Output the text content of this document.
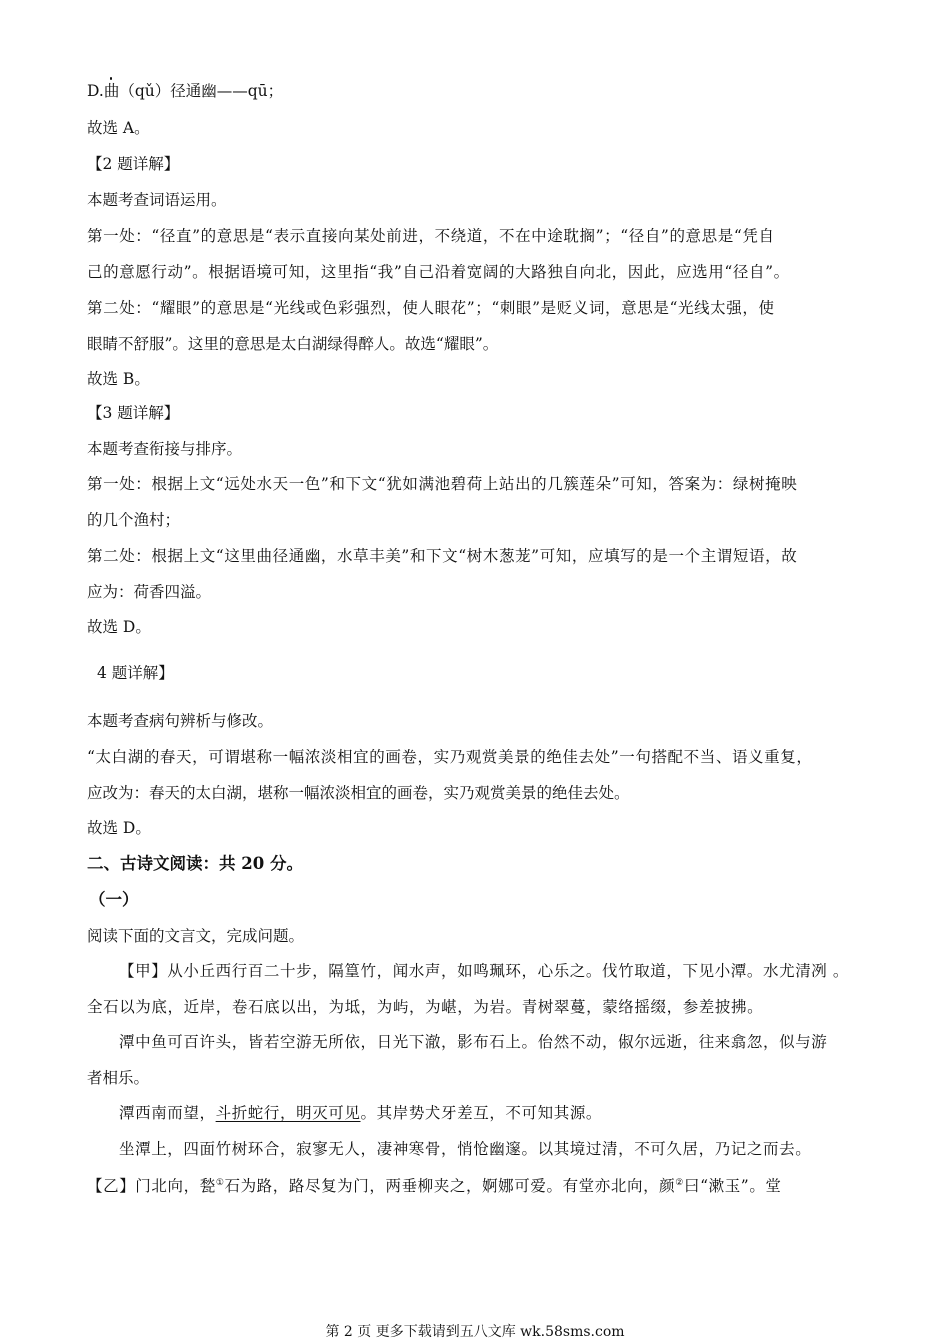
D.曲（qǔ）径通幽——qū；
故选 A。
【2 题详解】
本题考查词语运用。
第一处：“径直”的意思是“表示直接向某处前进，不绕道，不在中途耽搁”；“径自”的意思是“凭自
己的意愿行动”。根据语境可知，这里指“我”自己沿着宽阔的大路独自向北，因此，应选用“径自”。
第二处：“耀眼”的意思是“光线或色彩强烈，使人眼花”；“刺眼”是贬义词，意思是“光线太强，使
眼睛不舒服”。这里的意思是太白湖绿得醉人。故选“耀眼”。
故选 B。
【3 题详解】
本题考查衔接与排序。
第一处：根据上文“远处水天一色”和下文“犹如满池碧荷上站出的几簇莲朵”可知，答案为：绿树掩映
的几个渔村；
第二处：根据上文“这里曲径通幽，水草丰美”和下文“树木葱茏”可知，应填写的是一个主谓短语，故
应为：荷香四溢。
故选 D。
4 题详解】
本题考查病句辨析与修改。
“太白湖的春天，可谓堪称一幅浓淡相宜的画卷，实乃观赏美景的绝佳去处”一句搭配不当、语义重复，
应改为：春天的太白湖，堪称一幅浓淡相宜的画卷，实乃观赏美景的绝佳去处。
故选 D。
二、古诗文阅读：共 20 分。
（一）
阅读下面的文言文，完成问题。
【甲】从小丘西行百二十步，隔篁竹，闻水声，如鸣珮环，心乐之。伐竹取道，下见小潭。水尤清冽 。
全石以为底，近岸，卷石底以出，为坻，为屿，为嵁，为岩。青树翠蔓，蒙络摇缀，参差披拂。
潭中鱼可百许头，皆若空游无所依，日光下澈，影布石上。佁然不动，俶尔远逝，往来翕忽，似与游
者相乐。
潭西南而望，斗折蛇行，明灭可见。其岸势犬牙差互，不可知其源。
坐潭上，四面竹树环合，寂寥无人，凄神寒骨，悄怆幽邃。以其境过清，不可久居，乃记之而去。
【乙】门北向，甃①石为路，路尽复为门，两垂柳夹之，婀娜可爱。有堂亦北向，颜②曰“漱玉”。堂
第 2 页 更多下载请到五八文库 wk.58sms.com
